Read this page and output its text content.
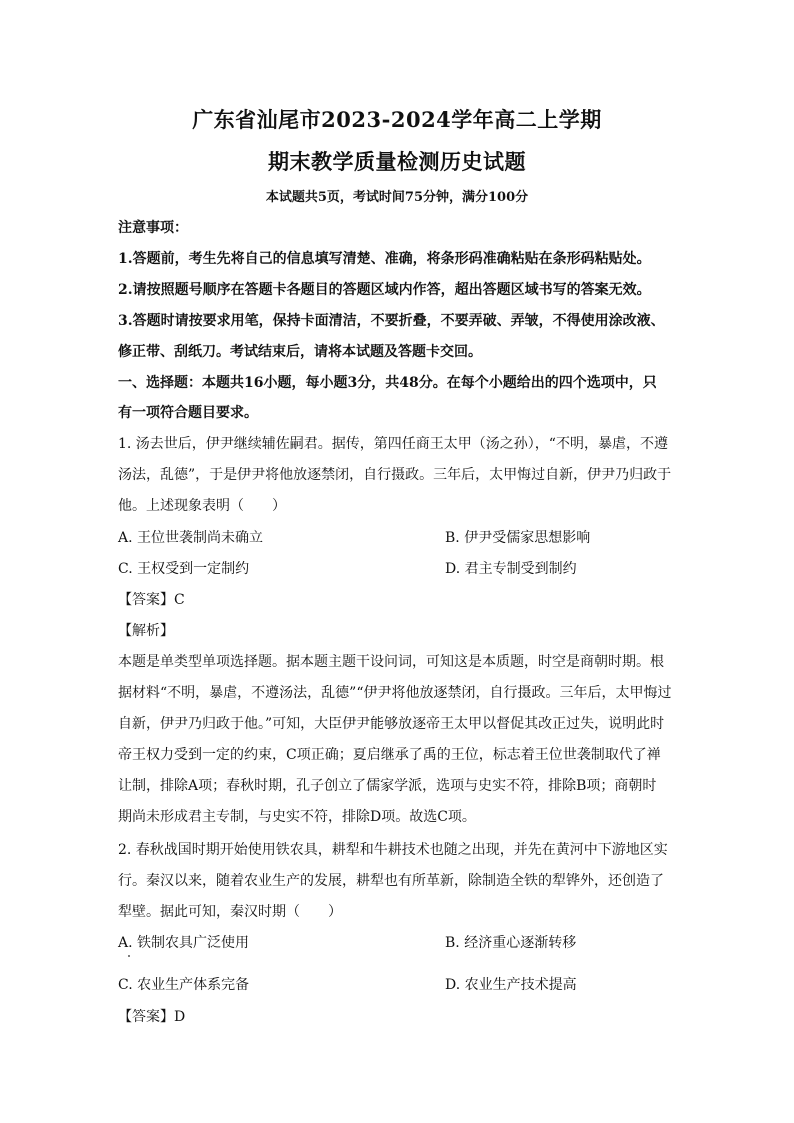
广东省汕尾市2023-2024学年高二上学期
期末教学质量检测历史试题
本试题共5页，考试时间75分钟，满分100分
注意事项：
1.答题前，考生先将自己的信息填写清楚、准确，将条形码准确粘贴在条形码粘贴处。
2.请按照题号顺序在答题卡各题目的答题区域内作答，超出答题区域书写的答案无效。
3.答题时请按要求用笔，保持卡面清洁，不要折叠，不要弄破、弄皱，不得使用涂改液、
修正带、刮纸刀。考试结束后，请将本试题及答题卡交回。
一、选择题：本题共16小题，每小题3分，共48分。在每个小题给出的四个选项中，只
有一项符合题目要求。
1. 汤去世后，伊尹继续辅佐嗣君。据传，第四任商王太甲（汤之孙），“不明，暴虐，不遵
汤法，乱德”，于是伊尹将他放逐禁闭，自行摄政。三年后，太甲悔过自新，伊尹乃归政于
他。上述现象表明（　　）
A. 王位世袭制尚未确立	B. 伊尹受儒家思想影响
C. 王权受到一定制约	D. 君主专制受到制约
【答案】C
【解析】
本题是单类型单项选择题。据本题主题干设问词，可知这是本质题，时空是商朝时期。根
据材料“不明，暴虐，不遵汤法，乱德”“伊尹将他放逐禁闭，自行摄政。三年后，太甲悔过
自新，伊尹乃归政于他。”可知，大臣伊尹能够放逐帝王太甲以督促其改正过失，说明此时
帝王权力受到一定的约束，C项正确；夏启继承了禹的王位，标志着王位世袭制取代了禅
让制，排除A项；春秋时期，孔子创立了儒家学派，选项与史实不符，排除B项；商朝时
期尚未形成君主专制，与史实不符，排除D项。故选C项。
2. 春秋战国时期开始使用铁农具，耕犁和牛耕技术也随之出现，并先在黄河中下游地区实
行。秦汉以来，随着农业生产的发展，耕犁也有所革新，除制造全铁的犁铧外，还创造了
犁壁。据此可知，秦汉时期（　　）
A. 铁制农具广泛使用	B. 经济重心逐渐转移
C. 农业生产体系完备	D. 农业生产技术提高
【答案】D
